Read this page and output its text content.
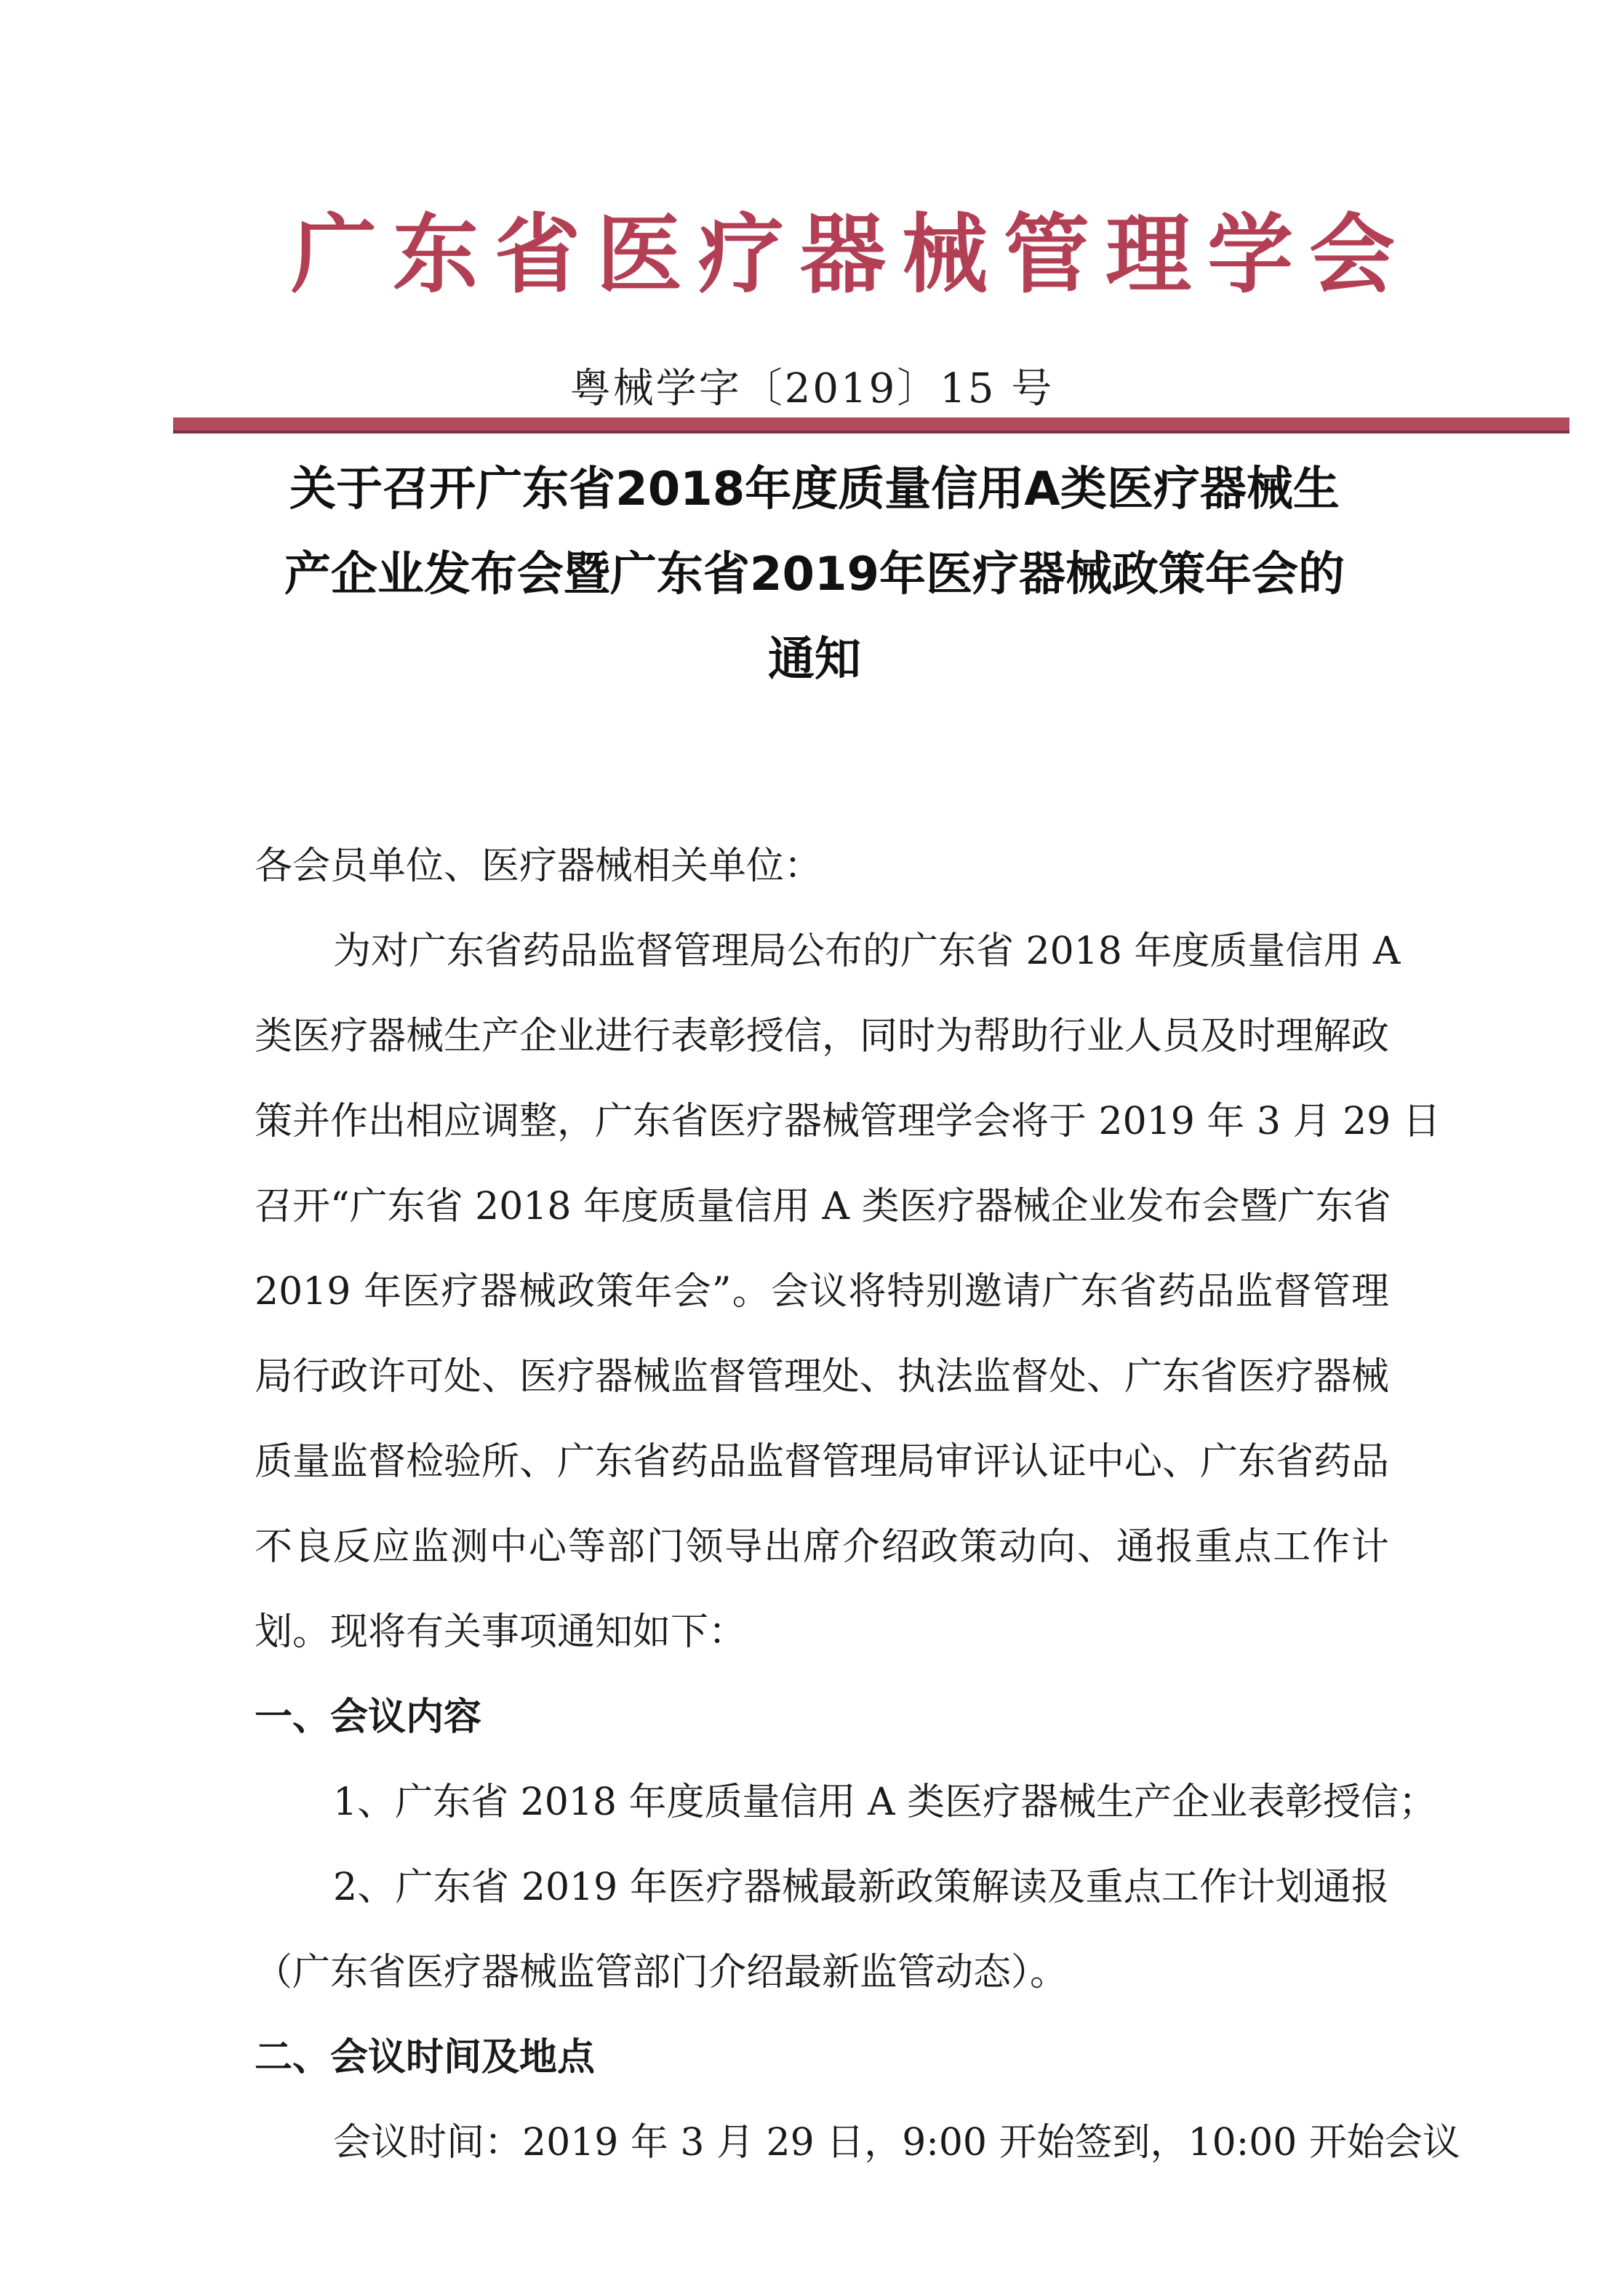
广东省医疗器械管理学会
粤械学字〔2019〕15 号
关于召开广东省2018年度质量信用A类医疗器械生
产企业发布会暨广东省2019年医疗器械政策年会的
通知
各会员单位、医疗器械相关单位：
为对广东省药品监督管理局公布的广东省 2018 年度质量信用 A
类医疗器械生产企业进行表彰授信，同时为帮助行业人员及时理解政
策并作出相应调整，广东省医疗器械管理学会将于 2019 年 3 月 29 日
召开“广东省 2018 年度质量信用 A 类医疗器械企业发布会暨广东省
2019 年医疗器械政策年会”。会议将特别邀请广东省药品监督管理
局行政许可处、医疗器械监督管理处、执法监督处、广东省医疗器械
质量监督检验所、广东省药品监督管理局审评认证中心、广东省药品
不良反应监测中心等部门领导出席介绍政策动向、通报重点工作计
划。现将有关事项通知如下：
一、会议内容
1、广东省 2018 年度质量信用 A 类医疗器械生产企业表彰授信；
2、广东省 2019 年医疗器械最新政策解读及重点工作计划通报
（广东省医疗器械监管部门介绍最新监管动态）。
二、会议时间及地点
会议时间：2019 年 3 月 29 日，9:00 开始签到，10:00 开始会议
